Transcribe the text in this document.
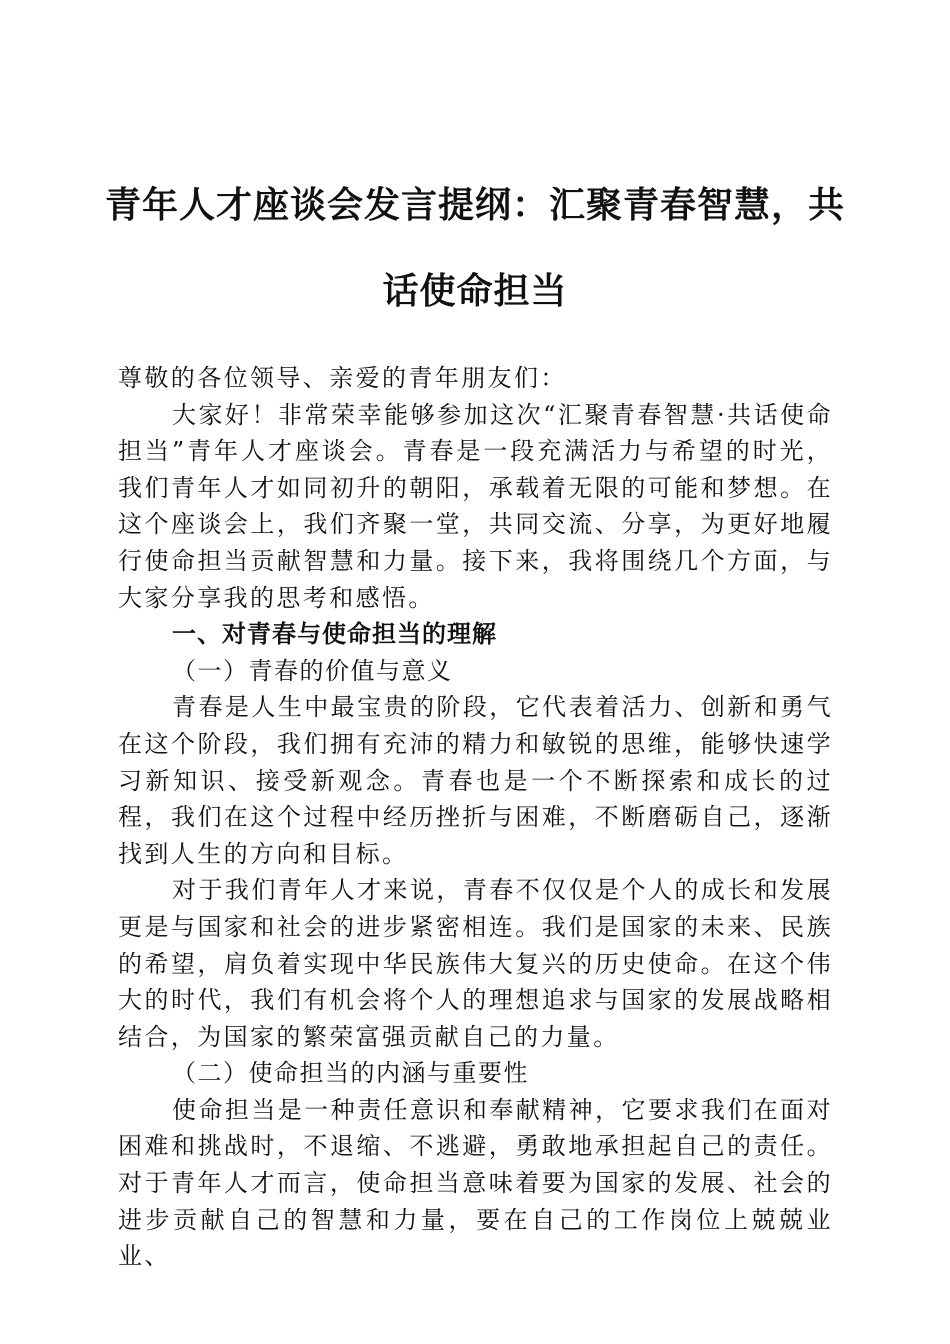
青年人才座谈会发言提纲：汇聚青春智慧，共
话使命担当

尊敬的各位领导、亲爱的青年朋友们：

大家好！非常荣幸能够参加这次“汇聚青春智慧·共话使命担当”青年人才座谈会。青春是一段充满活力与希望的时光，我们青年人才如同初升的朝阳，承载着无限的可能和梦想。在这个座谈会上，我们齐聚一堂，共同交流、分享，为更好地履行使命担当贡献智慧和力量。接下来，我将围绕几个方面，与大家分享我的思考和感悟。

一、对青春与使命担当的理解

（一）青春的价值与意义

青春是人生中最宝贵的阶段，它代表着活力、创新和勇气在这个阶段，我们拥有充沛的精力和敏锐的思维，能够快速学习新知识、接受新观念。青春也是一个不断探索和成长的过程，我们在这个过程中经历挫折与困难，不断磨砺自己，逐渐找到人生的方向和目标。

对于我们青年人才来说，青春不仅仅是个人的成长和发展更是与国家和社会的进步紧密相连。我们是国家的未来、民族的希望，肩负着实现中华民族伟大复兴的历史使命。在这个伟大的时代，我们有机会将个人的理想追求与国家的发展战略相结合，为国家的繁荣富强贡献自己的力量。

（二）使命担当的内涵与重要性

使命担当是一种责任意识和奉献精神，它要求我们在面对困难和挑战时，不退缩、不逃避，勇敢地承担起自己的责任。对于青年人才而言，使命担当意味着要为国家的发展、社会的进步贡献自己的智慧和力量，要在自己的工作岗位上兢兢业业、
